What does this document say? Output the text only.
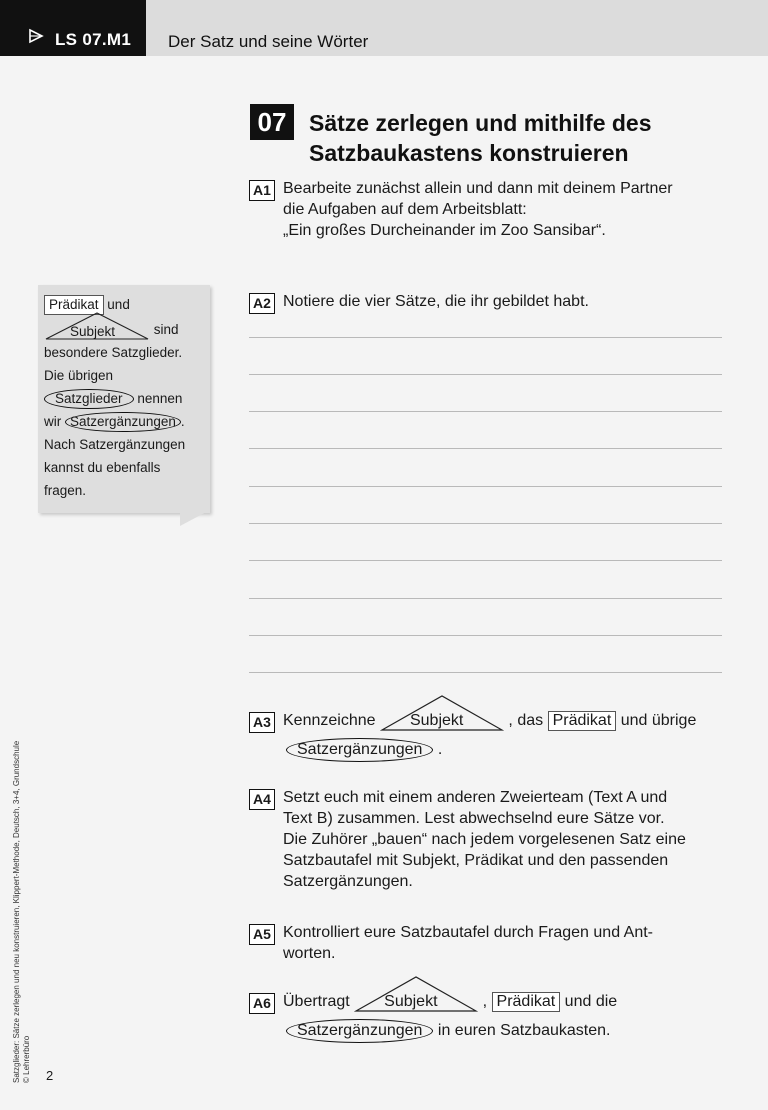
LS 07.M1 Der Satz und seine Wörter
07 Sätze zerlegen und mithilfe des
Satzbaukastens konstruieren
A1 Bearbeite zunächst allein und dann mit deinem Partner
die Aufgaben auf dem Arbeitsblatt:
„Ein großes Durcheinander im Zoo Sansibar“.
A2 Notiere die vier Sätze, die ihr gebildet habt.
A3 Kennzeichne Subjekt	, das Prädikat und übrige
Satzergänzungen .
A4 Setzt euch mit einem anderen Zweierteam (Text A und
Text B) zusammen. Lest abwechselnd eure Sätze vor.
Die Zuhörer „bauen“ nach jedem vorgelesenen Satz eine
Satzbautafel mit Subjekt, Prädikat und den passenden
Satzergänzungen.
A5 Kontrolliert eure Satzbautafel durch Fragen und Ant-
worten.
A6 Übertragt Subjekt	, Prädikat und die
Satzergänzungen in euren Satzbaukasten.
Prädikat und
Subjekt	sind
besondere Satzglieder.
Die übrigen
Satzglieder nennen
wir Satzergänzungen .
Nach Satzergänzungen
kannst du ebenfalls
fragen.
Satzglieder: Sätze zerlegen und neu konstruieren, Klippert-Methode, Deutsch, 3+4, Grundschule © Lehrerbüro 2
